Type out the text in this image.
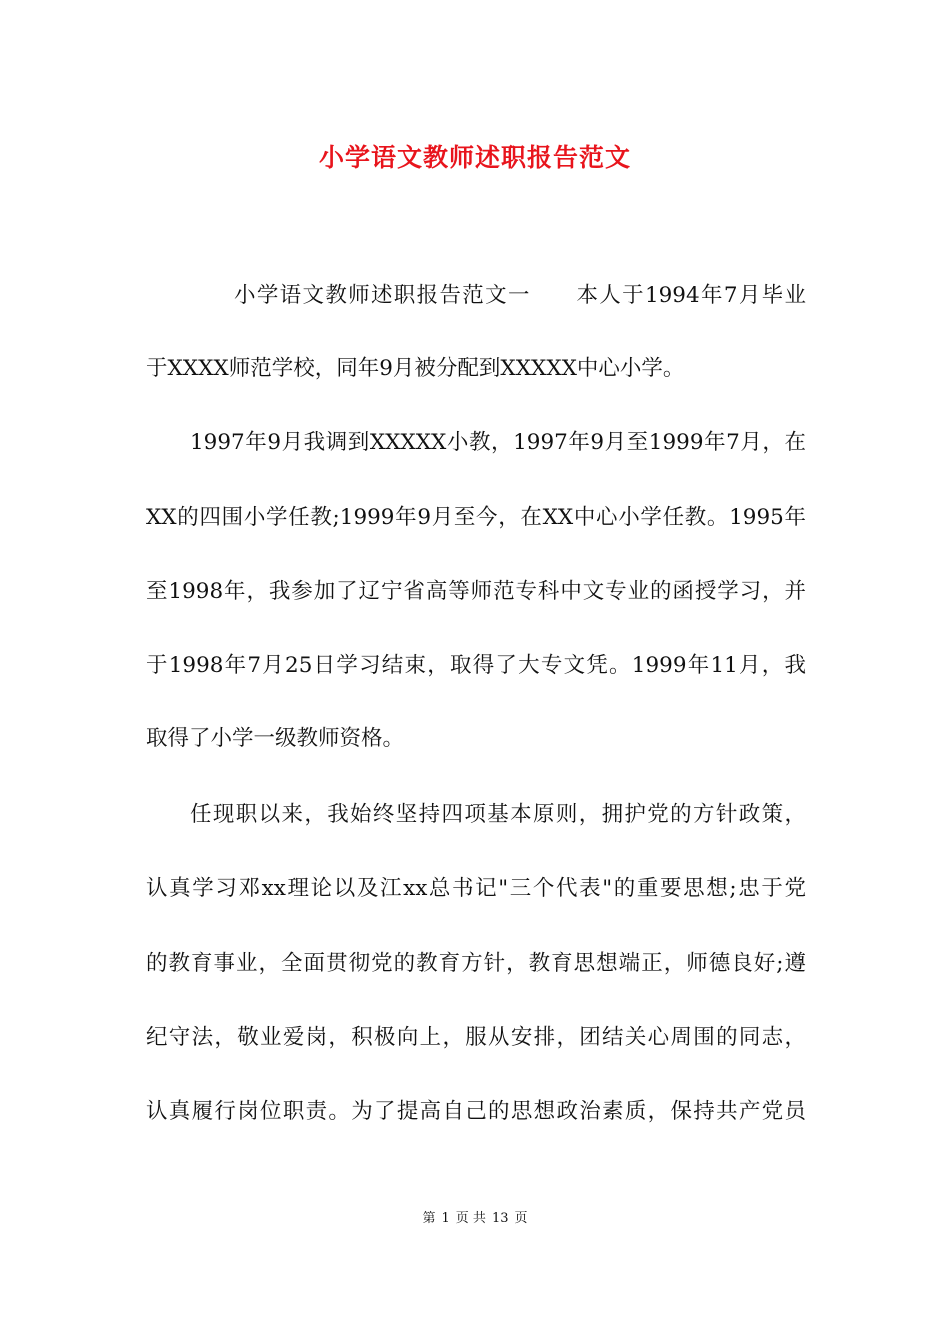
小学语文教师述职报告范文
小学语文教师述职报告范文一　　本人于1994年7月毕业
于XXXX师范学校，同年9月被分配到XXXXX中心小学。
1997年9月我调到XXXXX小教，1997年9月至1999年7月，在
XX的四围小学任教;1999年9月至今，在XX中心小学任教。1995年
至1998年，我参加了辽宁省高等师范专科中文专业的函授学习，并
于1998年7月25日学习结束，取得了大专文凭。1999年11月，我
取得了小学一级教师资格。
任现职以来，我始终坚持四项基本原则，拥护党的方针政策，
认真学习邓xx理论以及江xx总书记"三个代表"的重要思想;忠于党
的教育事业，全面贯彻党的教育方针，教育思想端正，师德良好;遵
纪守法，敬业爱岗，积极向上，服从安排，团结关心周围的同志，
认真履行岗位职责。为了提高自己的思想政治素质，保持共产党员
第 1 页 共 13 页
